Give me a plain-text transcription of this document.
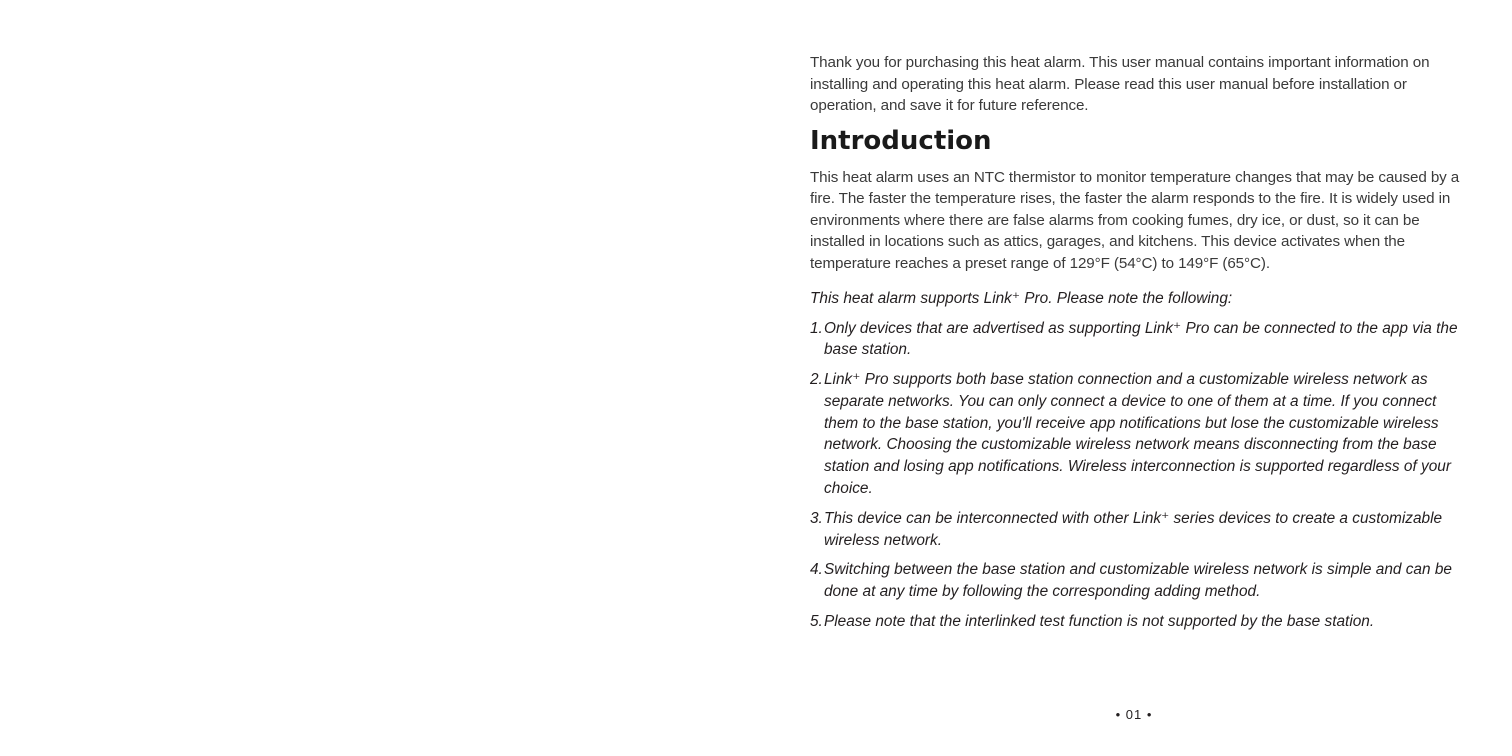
Thank you for purchasing this heat alarm. This user manual contains important information on installing and operating this heat alarm. Please read this user manual before installation or operation, and save it for future reference.

Introduction

This heat alarm uses an NTC thermistor to monitor temperature changes that may be caused by a fire. The faster the temperature rises, the faster the alarm responds to the fire. It is widely used in environments where there are false alarms from cooking fumes, dry ice, or dust, so it can be installed in locations such as attics, garages, and kitchens. This device activates when the temperature reaches a preset range of 129°F (54°C) to 149°F (65°C).

This heat alarm supports Link⁺ Pro. Please note the following:

1. Only devices that are advertised as supporting Link⁺ Pro can be connected to the app via the base station.
2. Link⁺ Pro supports both base station connection and a customizable wireless network as separate networks. You can only connect a device to one of them at a time. If you connect them to the base station, you'll receive app notifications but lose the customizable wireless network. Choosing the customizable wireless network means disconnecting from the base station and losing app notifications. Wireless interconnection is supported regardless of your choice.
3. This device can be interconnected with other Link⁺ series devices to create a customizable wireless network.
4. Switching between the base station and customizable wireless network is simple and can be done at any time by following the corresponding adding method.
5. Please note that the interlinked test function is not supported by the base station.
• 01 •
